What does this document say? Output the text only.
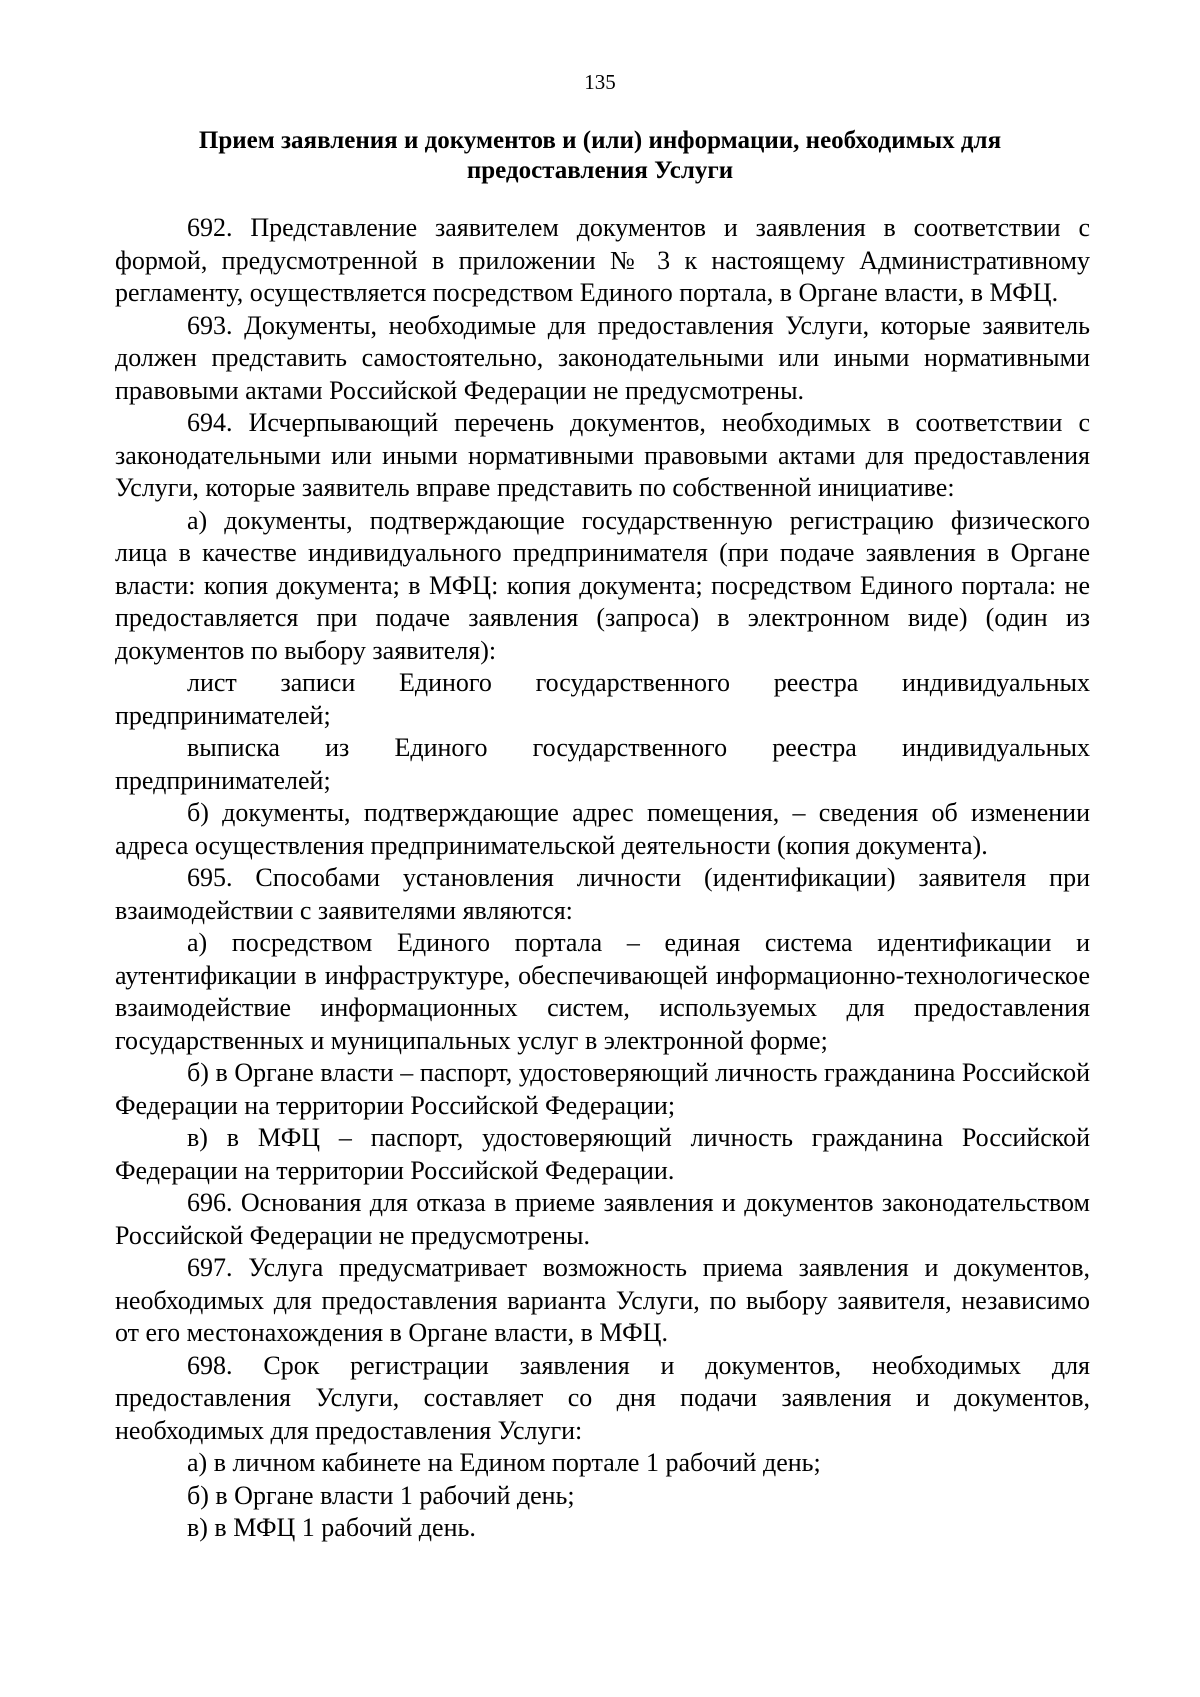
135
Прием заявления и документов и (или) информации, необходимых для предоставления Услуги

692. Представление заявителем документов и заявления в соответствии с формой, предусмотренной в приложении № 3 к настоящему Административному регламенту, осуществляется посредством Единого портала, в Органе власти, в МФЦ.

693. Документы, необходимые для предоставления Услуги, которые заявитель должен представить самостоятельно, законодательными или иными нормативными правовыми актами Российской Федерации не предусмотрены.

694. Исчерпывающий перечень документов, необходимых в соответствии с законодательными или иными нормативными правовыми актами для предоставления Услуги, которые заявитель вправе представить по собственной инициативе:

а) документы, подтверждающие государственную регистрацию физического лица в качестве индивидуального предпринимателя (при подаче заявления в Органе власти: копия документа; в МФЦ: копия документа; посредством Единого портала: не предоставляется при подаче заявления (запроса) в электронном виде) (один из документов по выбору заявителя):

лист записи Единого государственного реестра индивидуальных предпринимателей;

выписка из Единого государственного реестра индивидуальных предпринимателей;

б) документы, подтверждающие адрес помещения, – сведения об изменении адреса осуществления предпринимательской деятельности (копия документа).

695. Способами установления личности (идентификации) заявителя при взаимодействии с заявителями являются:

а) посредством Единого портала – единая система идентификации и аутентификации в инфраструктуре, обеспечивающей информационно-технологическое взаимодействие информационных систем, используемых для предоставления государственных и муниципальных услуг в электронной форме;

б) в Органе власти – паспорт, удостоверяющий личность гражданина Российской Федерации на территории Российской Федерации;

в) в МФЦ – паспорт, удостоверяющий личность гражданина Российской Федерации на территории Российской Федерации.

696. Основания для отказа в приеме заявления и документов законодательством Российской Федерации не предусмотрены.

697. Услуга предусматривает возможность приема заявления и документов, необходимых для предоставления варианта Услуги, по выбору заявителя, независимо от его местонахождения в Органе власти, в МФЦ.

698. Срок регистрации заявления и документов, необходимых для предоставления Услуги, составляет со дня подачи заявления и документов, необходимых для предоставления Услуги:

а) в личном кабинете на Едином портале 1 рабочий день;

б) в Органе власти 1 рабочий день;

в) в МФЦ 1 рабочий день.
